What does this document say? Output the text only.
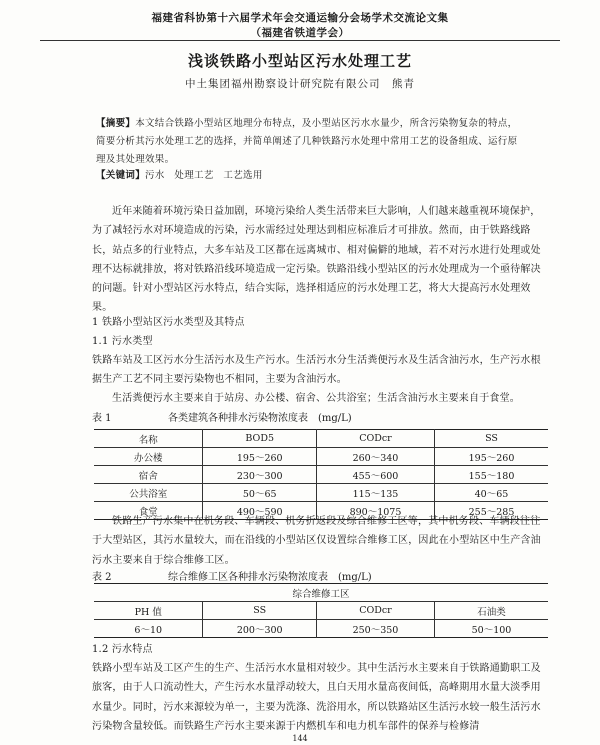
福建省科协第十六届学术年会交通运输分会场学术交流论文集
（福建省铁道学会）
浅谈铁路小型站区污水处理工艺
中土集团福州勘察设计研究院有限公司　熊青
【摘要】本文结合铁路小型站区地理分布特点，及小型站区污水水量少，所含污染物复杂的特点，简要分析其污水处理工艺的选择，并简单阐述了几种铁路污水处理中常用工艺的设备组成、运行原理及其处理效果。
【关键词】污水　处理工艺　工艺选用
近年来随着环境污染日益加剧，环境污染给人类生活带来巨大影响，人们越来越重视环境保护，为了减轻污水对环境造成的污染，污水需经过处理达到相应标准后才可排放。然而，由于铁路线路长，站点多的行业特点，大多车站及工区都在远离城市、相对偏僻的地域，若不对污水进行处理或处理不达标就排放，将对铁路沿线环境造成一定污染。铁路沿线小型站区的污水处理成为一个亟待解决的问题。针对小型站区污水特点，结合实际，选择相适应的污水处理工艺，将大大提高污水处理效果。
1 铁路小型站区污水类型及其特点
1.1 污水类型
铁路车站及工区污水分生活污水及生产污水。生活污水分生活粪便污水及生活含油污水，生产污水根据生产工艺不同主要污染物也不相同，主要为含油污水。
生活粪便污水主要来自于站房、办公楼、宿舍、公共浴室；生活含油污水主要来自于食堂。
表 1	各类建筑各种排水污染物浓度表　(mg/L)
名称	BOD5	CODcr	SS
办公楼	195～260	260～340	195～260
宿舍	230～300	455～600	155～180
公共浴室	50～65	115～135	40～65
食堂	490～590	890～1075	255～285
铁路生产污水集中在机务段、车辆段、机务折返段及综合维修工区等，其中机务段、车辆段往往于大型站区，其污水量较大，而在沿线的小型站区仅设置综合维修工区，因此在小型站区中生产含油污水主要来自于综合维修工区。
表 2	综合维修工区各种排水污染物浓度表　(mg/L)
综合维修工区			
PH 值	SS	CODcr	石油类
6～10	200～300	250～350	50～100
1.2 污水特点
铁路小型车站及工区产生的生产、生活污水水量相对较少。其中生活污水主要来自于铁路通勤职工及旅客，由于人口流动性大，产生污水水量浮动较大，且白天用水量高夜间低，高峰期用水量大淡季用水量少。同时，污水来源较为单一，主要为洗涤、洗浴用水，所以铁路站区生活污水较一般生活污水污染物含量较低。而铁路生产污水主要来源于内燃机车和电力机车部件的保养与检修清
144
